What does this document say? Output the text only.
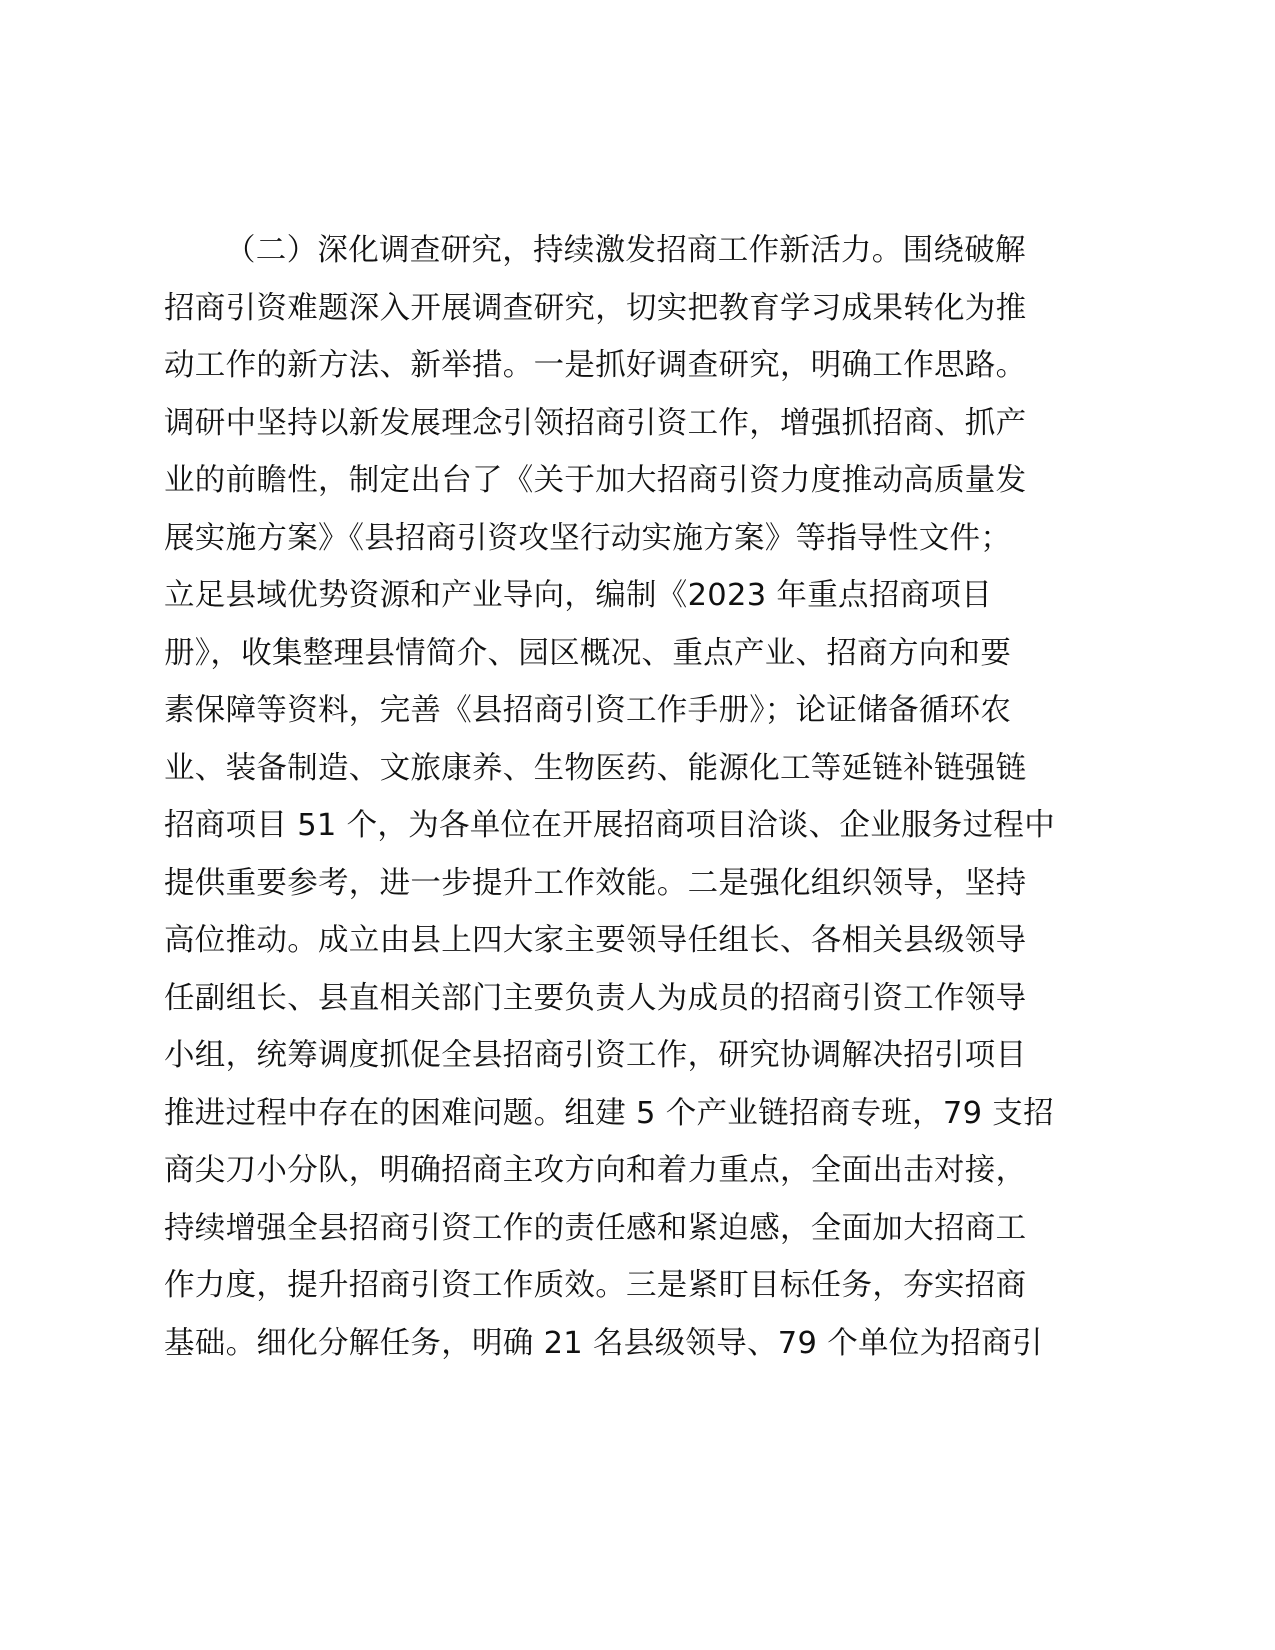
（二）深化调查研究，持续激发招商工作新活力。围绕破解
招商引资难题深入开展调查研究，切实把教育学习成果转化为推
动工作的新方法、新举措。一是抓好调查研究，明确工作思路。
调研中坚持以新发展理念引领招商引资工作，增强抓招商、抓产
业的前瞻性，制定出台了《关于加大招商引资力度推动高质量发
展实施方案》《县招商引资攻坚行动实施方案》等指导性文件；
立足县域优势资源和产业导向，编制《2023 年重点招商项目
册》，收集整理县情简介、园区概况、重点产业、招商方向和要
素保障等资料，完善《县招商引资工作手册》；论证储备循环农
业、装备制造、文旅康养、生物医药、能源化工等延链补链强链
招商项目 51 个，为各单位在开展招商项目洽谈、企业服务过程中
提供重要参考，进一步提升工作效能。二是强化组织领导，坚持
高位推动。成立由县上四大家主要领导任组长、各相关县级领导
任副组长、县直相关部门主要负责人为成员的招商引资工作领导
小组，统筹调度抓促全县招商引资工作，研究协调解决招引项目
推进过程中存在的困难问题。组建 5 个产业链招商专班，79 支招
商尖刀小分队，明确招商主攻方向和着力重点，全面出击对接，
持续增强全县招商引资工作的责任感和紧迫感，全面加大招商工
作力度，提升招商引资工作质效。三是紧盯目标任务，夯实招商
基础。细化分解任务，明确 21 名县级领导、79 个单位为招商引
